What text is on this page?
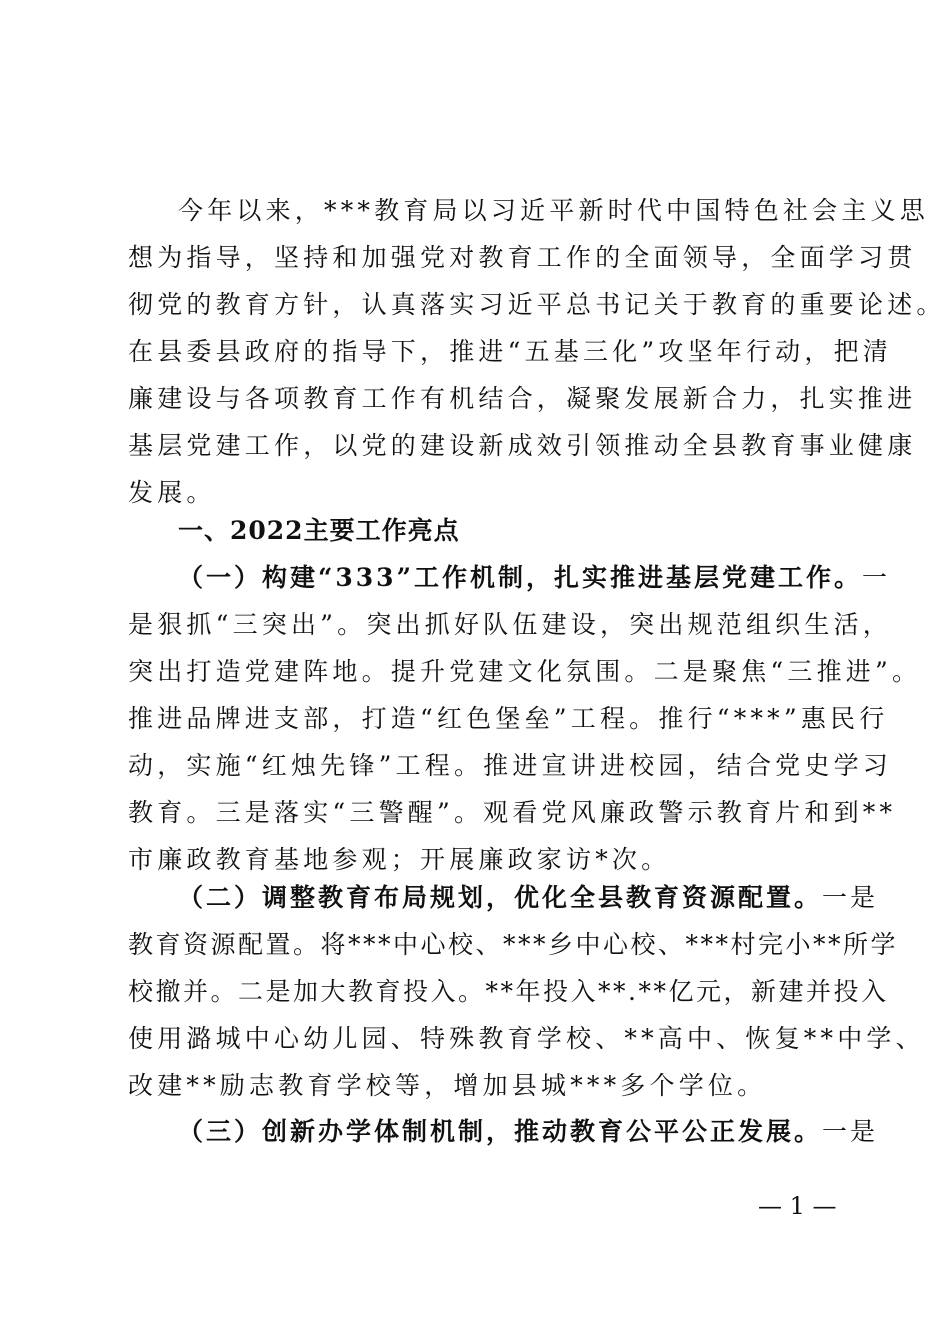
今年以来，***教育局以习近平新时代中国特色社会主义思
想为指导，坚持和加强党对教育工作的全面领导，全面学习贯
彻党的教育方针，认真落实习近平总书记关于教育的重要论述。
在县委县政府的指导下，推进“五基三化”攻坚年行动，把清
廉建设与各项教育工作有机结合，凝聚发展新合力，扎实推进
基层党建工作，以党的建设新成效引领推动全县教育事业健康
发展。
一、2022主要工作亮点
（一）构建“333”工作机制，扎实推进基层党建工作。一
是狠抓“三突出”。突出抓好队伍建设，突出规范组织生活，
突出打造党建阵地。提升党建文化氛围。二是聚焦“三推进”。
推进品牌进支部，打造“红色堡垒”工程。推行“***”惠民行
动，实施“红烛先锋”工程。推进宣讲进校园，结合党史学习
教育。三是落实“三警醒”。观看党风廉政警示教育片和到**
市廉政教育基地参观；开展廉政家访*次。
（二）调整教育布局规划，优化全县教育资源配置。一是
教育资源配置。将***中心校、***乡中心校、***村完小**所学
校撤并。二是加大教育投入。**年投入**.**亿元，新建并投入
使用潞城中心幼儿园、特殊教育学校、**高中、恢复**中学、
改建**励志教育学校等，增加县城***多个学位。
（三）创新办学体制机制，推动教育公平公正发展。一是
— 1 —
